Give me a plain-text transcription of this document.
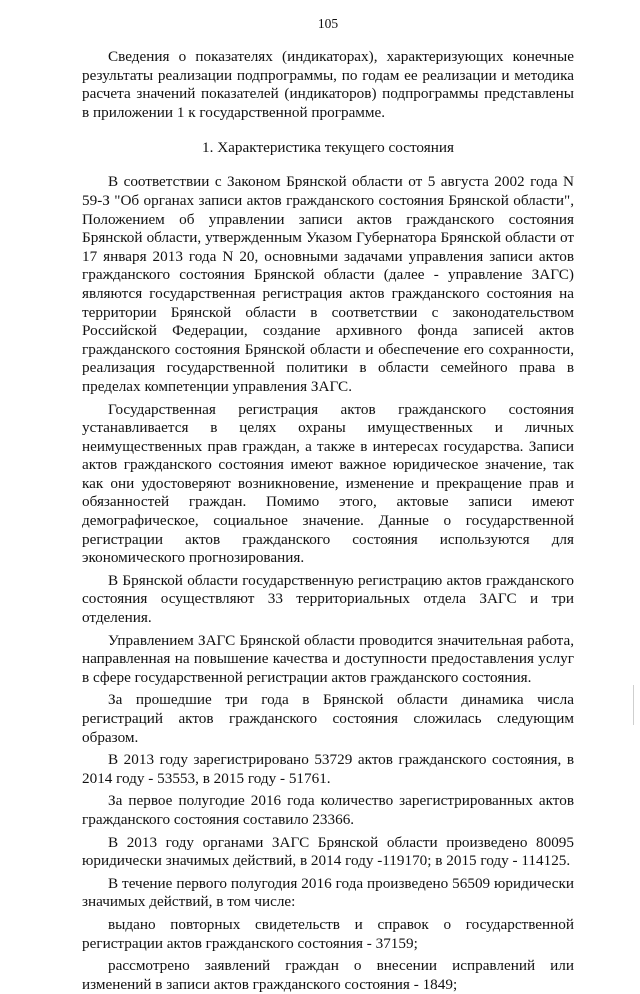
105

Сведения о показателях (индикаторах), характеризующих конечные результаты реализации подпрограммы, по годам ее реализации и методика расчета значений показателей (индикаторов) подпрограммы представлены в приложении 1 к государственной программе.

1. Характеристика текущего состояния

В соответствии с Законом Брянской области от 5 августа 2002 года N 59-З "Об органах записи актов гражданского состояния Брянской области", Положением об управлении записи актов гражданского состояния Брянской области, утвержденным Указом Губернатора Брянской области от 17 января 2013 года N 20, основными задачами управления записи актов гражданского состояния Брянской области (далее - управление ЗАГС) являются государственная регистрация актов гражданского состояния на территории Брянской области в соответствии с законодательством Российской Федерации, создание архивного фонда записей актов гражданского состояния Брянской области и обеспечение его сохранности, реализация государственной политики в области семейного права в пределах компетенции управления ЗАГС.

Государственная регистрация актов гражданского состояния устанавливается в целях охраны имущественных и личных неимущественных прав граждан, а также в интересах государства. Записи актов гражданского состояния имеют важное юридическое значение, так как они удостоверяют возникновение, изменение и прекращение прав и обязанностей граждан. Помимо этого, актовые записи имеют демографическое, социальное значение. Данные о государственной регистрации актов гражданского состояния используются для экономического прогнозирования.

В Брянской области государственную регистрацию актов гражданского состояния осуществляют 33 территориальных отдела ЗАГС и три отделения.

Управлением ЗАГС Брянской области проводится значительная работа, направленная на повышение качества и доступности предоставления услуг в сфере государственной регистрации актов гражданского состояния.

За прошедшие три года в Брянской области динамика числа регистраций актов гражданского состояния сложилась следующим образом.

В 2013 году зарегистрировано 53729 актов гражданского состояния, в 2014 году - 53553, в 2015 году - 51761.

За первое полугодие 2016 года количество зарегистрированных актов гражданского состояния составило 23366.

В 2013 году органами ЗАГС Брянской области произведено 80095 юридически значимых действий, в 2014 году -119170; в 2015 году - 114125.

В течение первого полугодия 2016 года произведено 56509 юридически значимых действий, в том числе:

выдано повторных свидетельств и справок о государственной регистрации актов гражданского состояния - 37159;

рассмотрено заявлений граждан о внесении исправлений или изменений в записи актов гражданского состояния - 1849;
